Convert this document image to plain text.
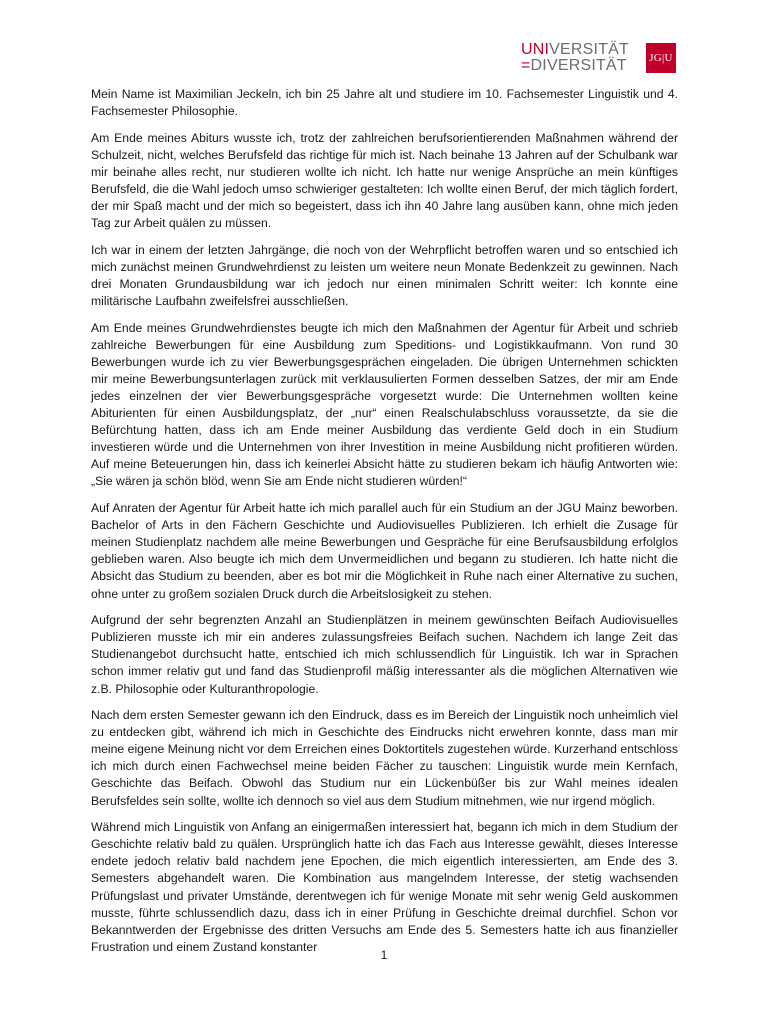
UNIVERSITÄT
=DIVERSITÄT	JG|U

Mein Name ist Maximilian Jeckeln, ich bin 25 Jahre alt und studiere im 10. Fachsemester Linguistik und 4. Fachsemester Philosophie.

Am Ende meines Abiturs wusste ich, trotz der zahlreichen berufsorientierenden Maßnahmen während der Schulzeit, nicht, welches Berufsfeld das richtige für mich ist. Nach beinahe 13 Jahren auf der Schulbank war mir beinahe alles recht, nur studieren wollte ich nicht. Ich hatte nur wenige Ansprüche an mein künftiges Berufsfeld, die die Wahl jedoch umso schwieriger gestalteten: Ich wollte einen Beruf, der mich täglich fordert, der mir Spaß macht und der mich so begeistert, dass ich ihn 40 Jahre lang ausüben kann, ohne mich jeden Tag zur Arbeit quälen zu müssen.

Ich war in einem der letzten Jahrgänge, die noch von der Wehrpflicht betroffen waren und so entschied ich mich zunächst meinen Grundwehrdienst zu leisten um weitere neun Monate Bedenkzeit zu gewinnen. Nach drei Monaten Grundausbildung war ich jedoch nur einen minimalen Schritt weiter: Ich konnte eine militärische Laufbahn zweifelsfrei ausschließen.

Am Ende meines Grundwehrdienstes beugte ich mich den Maßnahmen der Agentur für Arbeit und schrieb zahlreiche Bewerbungen für eine Ausbildung zum Speditions- und Logistikkaufmann. Von rund 30 Bewerbungen wurde ich zu vier Bewerbungsgesprächen eingeladen. Die übrigen Unternehmen schickten mir meine Bewerbungsunterlagen zurück mit verklausulierten Formen desselben Satzes, der mir am Ende jedes einzelnen der vier Bewerbungsgespräche vorgesetzt wurde: Die Unternehmen wollten keine Abiturienten für einen Ausbildungsplatz, der „nur“ einen Realschulabschluss voraussetzte, da sie die Befürchtung hatten, dass ich am Ende meiner Ausbildung das verdiente Geld doch in ein Studium investieren würde und die Unternehmen von ihrer Investition in meine Ausbildung nicht profitieren würden. Auf meine Beteuerungen hin, dass ich keinerlei Absicht hätte zu studieren bekam ich häufig Antworten wie: „Sie wären ja schön blöd, wenn Sie am Ende nicht studieren würden!“

Auf Anraten der Agentur für Arbeit hatte ich mich parallel auch für ein Studium an der JGU Mainz beworben. Bachelor of Arts in den Fächern Geschichte und Audiovisuelles Publizieren. Ich erhielt die Zusage für meinen Studienplatz nachdem alle meine Bewerbungen und Gespräche für eine Berufsausbildung erfolglos geblieben waren. Also beugte ich mich dem Unvermeidlichen und begann zu studieren. Ich hatte nicht die Absicht das Studium zu beenden, aber es bot mir die Möglichkeit in Ruhe nach einer Alternative zu suchen, ohne unter zu großem sozialen Druck durch die Arbeitslosigkeit zu stehen.

Aufgrund der sehr begrenzten Anzahl an Studienplätzen in meinem gewünschten Beifach Audiovisuelles Publizieren musste ich mir ein anderes zulassungsfreies Beifach suchen. Nachdem ich lange Zeit das Studienangebot durchsucht hatte, entschied ich mich schlussendlich für Linguistik. Ich war in Sprachen schon immer relativ gut und fand das Studienprofil mäßig interessanter als die möglichen Alternativen wie z.B. Philosophie oder Kulturanthropologie.

Nach dem ersten Semester gewann ich den Eindruck, dass es im Bereich der Linguistik noch unheimlich viel zu entdecken gibt, während ich mich in Geschichte des Eindrucks nicht erwehren konnte, dass man mir meine eigene Meinung nicht vor dem Erreichen eines Doktortitels zugestehen würde. Kurzerhand entschloss ich mich durch einen Fachwechsel meine beiden Fächer zu tauschen: Linguistik wurde mein Kernfach, Geschichte das Beifach. Obwohl das Studium nur ein Lückenbüßer bis zur Wahl meines idealen Berufsfeldes sein sollte, wollte ich dennoch so viel aus dem Studium mitnehmen, wie nur irgend möglich.

Während mich Linguistik von Anfang an einigermaßen interessiert hat, begann ich mich in dem Studium der Geschichte relativ bald zu quälen. Ursprünglich hatte ich das Fach aus Interesse gewählt, dieses Interesse endete jedoch relativ bald nachdem jene Epochen, die mich eigentlich interessierten, am Ende des 3. Semesters abgehandelt waren. Die Kombination aus mangelndem Interesse, der stetig wachsenden Prüfungslast und privater Umstände, derentwegen ich für wenige Monate mit sehr wenig Geld auskommen musste, führte schlussendlich dazu, dass ich in einer Prüfung in Geschichte dreimal durchfiel. Schon vor Bekanntwerden der Ergebnisse des dritten Versuchs am Ende des 5. Semesters hatte ich aus finanzieller Frustration und einem Zustand konstanter

1
